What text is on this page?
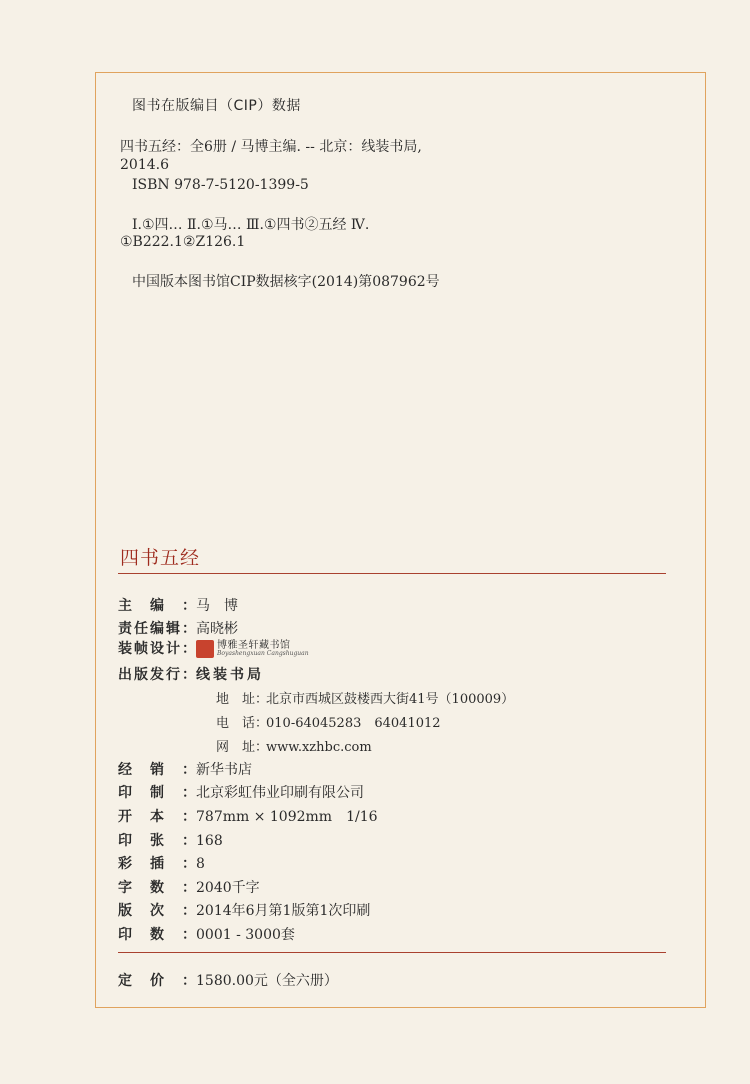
图书在版编目（CIP）数据
四书五经：全6册 / 马博主编. -- 北京：线装书局,
2014.6
ISBN 978-7-5120-1399-5
Ⅰ.①四… Ⅱ.①马… Ⅲ.①四书②五经 Ⅳ.
①B222.1②Z126.1
中国版本图书馆CIP数据核字(2014)第087962号
四书五经
主编：马　博
责任编辑：高晓彬
装帧设计： 博雅圣轩藏书馆
Boyashengxuan Cangshuguan
出版发行：线装书局
地　址：北京市西城区鼓楼西大街41号（100009）
电　话：010-64045283　64041012
网　址：www.xzhbc.com
经销：新华书店
印制：北京彩虹伟业印刷有限公司
开本：787mm × 1092mm　1/16
印张：168
彩插：8
字数：2040千字
版次：2014年6月第1版第1次印刷
印数：0001 - 3000套
定价：1580.00元（全六册）
